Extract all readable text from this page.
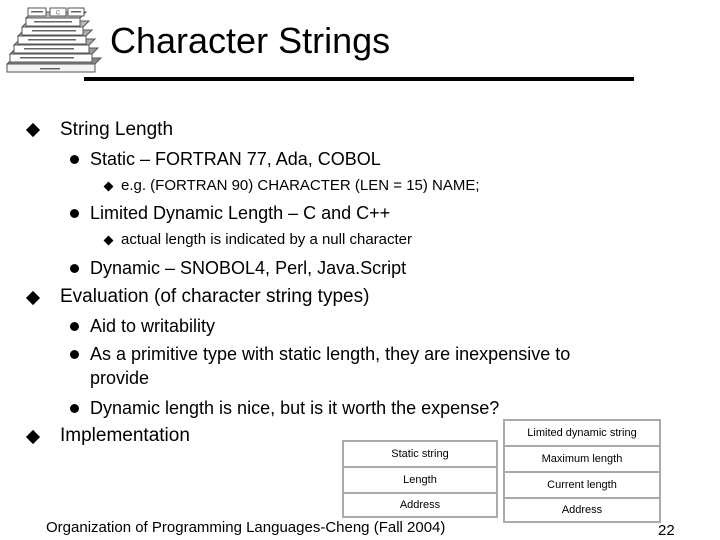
C
Character Strings
String Length
Static – FORTRAN 77, Ada, COBOL
e.g. (FORTRAN 90) CHARACTER (LEN = 15) NAME;
Limited Dynamic Length – C and C++
actual length is indicated by a null character
Dynamic – SNOBOL4, Perl, Java.Script
Evaluation (of character string types)
Aid to writability
As a primitive type with static length, they are inexpensive to
provide
Dynamic length is nice, but is it worth the expense?
Implementation
Static string
Length
Address
Limited dynamic string
Maximum length
Current length
Address
Organization of Programming Languages-Cheng (Fall 2004)	22
